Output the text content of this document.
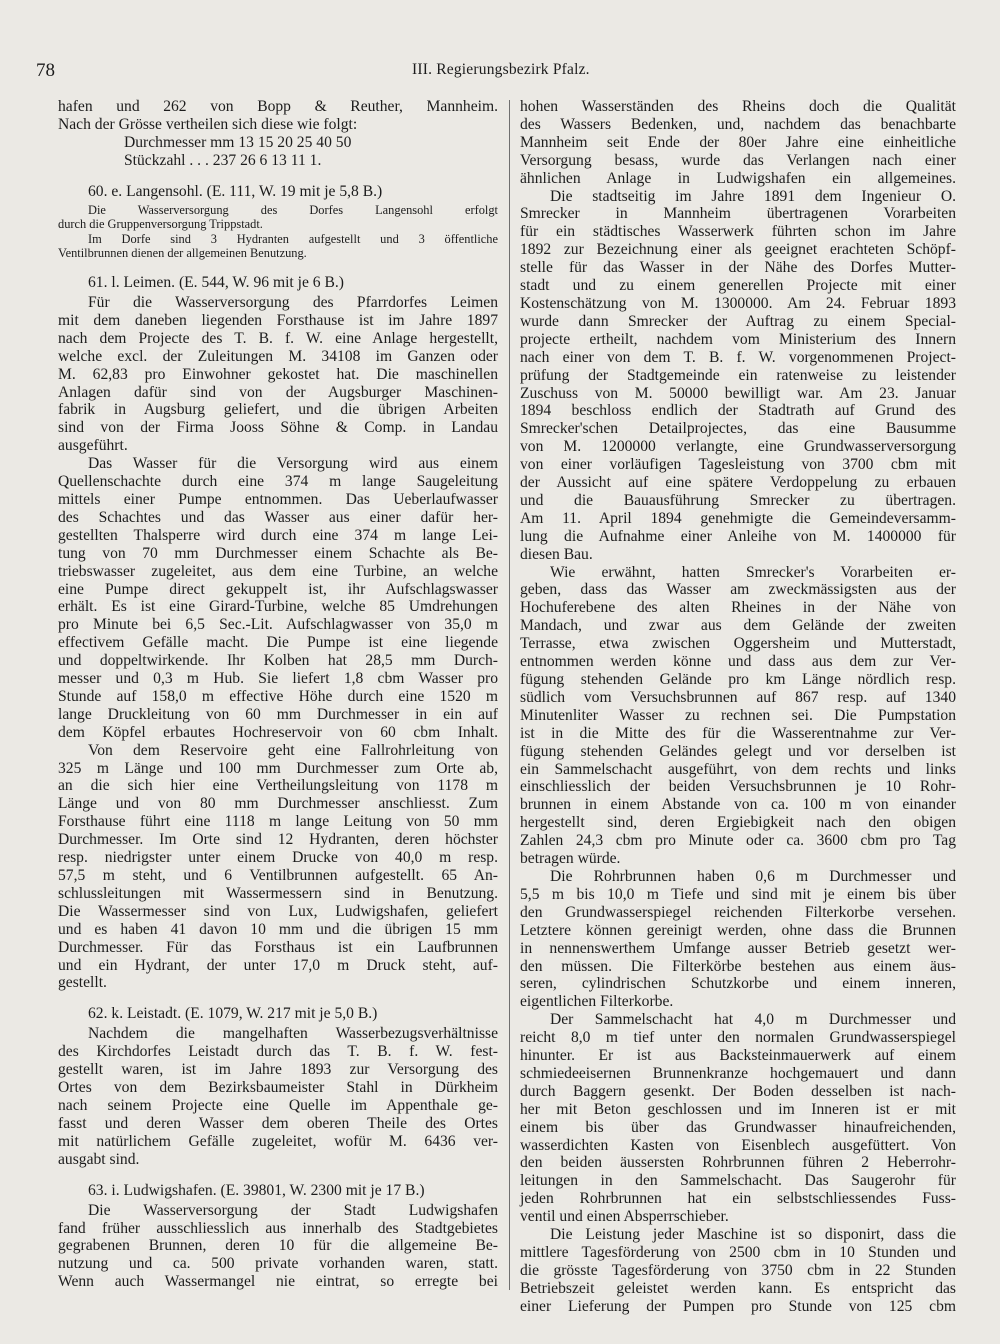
78	III. Regierungsbezirk Pfalz.
hafen und 262 von Bopp & Reuther, Mannheim.
Nach der Grösse vertheilen sich diese wie folgt:
Durchmesser mm 13 15 20 25 40 50
Stückzahl . . . 237 26 6 13 11 1.
60. e. Langensohl. (E. 111, W. 19 mit je 5,8 B.)
Die Wasserversorgung des Dorfes Langensohl erfolgt
durch die Gruppenversorgung Trippstadt.
Im Dorfe sind 3 Hydranten aufgestellt und 3 öffentliche
Ventilbrunnen dienen der allgemeinen Benutzung.
61. l. Leimen. (E. 544, W. 96 mit je 6 B.)
Für die Wasserversorgung des Pfarrdorfes Leimen
mit dem daneben liegenden Forsthause ist im Jahre 1897
nach dem Projecte des T. B. f. W. eine Anlage hergestellt,
welche excl. der Zuleitungen M. 34108 im Ganzen oder
M. 62,83 pro Einwohner gekostet hat. Die maschinellen
Anlagen dafür sind von der Augsburger Maschinen-
fabrik in Augsburg geliefert, und die übrigen Arbeiten
sind von der Firma Jooss Söhne & Comp. in Landau
ausgeführt.
Das Wasser für die Versorgung wird aus einem
Quellenschachte durch eine 374 m lange Saugeleitung
mittels einer Pumpe entnommen. Das Ueberlaufwasser
des Schachtes und das Wasser aus einer dafür her-
gestellten Thalsperre wird durch eine 374 m lange Lei-
tung von 70 mm Durchmesser einem Schachte als Be-
triebswasser zugeleitet, aus dem eine Turbine, an welche
eine Pumpe direct gekuppelt ist, ihr Aufschlagswasser
erhält. Es ist eine Girard-Turbine, welche 85 Umdrehungen
pro Minute bei 6,5 Sec.-Lit. Aufschlagwasser von 35,0 m
effectivem Gefälle macht. Die Pumpe ist eine liegende
und doppeltwirkende. Ihr Kolben hat 28,5 mm Durch-
messer und 0,3 m Hub. Sie liefert 1,8 cbm Wasser pro
Stunde auf 158,0 m effective Höhe durch eine 1520 m
lange Druckleitung von 60 mm Durchmesser in ein auf
dem Köpfel erbautes Hochreservoir von 60 cbm Inhalt.
Von dem Reservoire geht eine Fallrohrleitung von
325 m Länge und 100 mm Durchmesser zum Orte ab,
an die sich hier eine Vertheilungsleitung von 1178 m
Länge und von 80 mm Durchmesser anschliesst. Zum
Forsthause führt eine 1118 m lange Leitung von 50 mm
Durchmesser. Im Orte sind 12 Hydranten, deren höchster
resp. niedrigster unter einem Drucke von 40,0 m resp.
57,5 m steht, und 6 Ventilbrunnen aufgestellt. 65 An-
schlussleitungen mit Wassermessern sind in Benutzung.
Die Wassermesser sind von Lux, Ludwigshafen, geliefert
und es haben 41 davon 10 mm und die übrigen 15 mm
Durchmesser. Für das Forsthaus ist ein Laufbrunnen
und ein Hydrant, der unter 17,0 m Druck steht, auf-
gestellt.
62. k. Leistadt. (E. 1079, W. 217 mit je 5,0 B.)
Nachdem die mangelhaften Wasserbezugsverhältnisse
des Kirchdorfes Leistadt durch das T. B. f. W. fest-
gestellt waren, ist im Jahre 1893 zur Versorgung des
Ortes von dem Bezirksbaumeister Stahl in Dürkheim
nach seinem Projecte eine Quelle im Appenthale ge-
fasst und deren Wasser dem oberen Theile des Ortes
mit natürlichem Gefälle zugeleitet, wofür M. 6436 ver-
ausgabt sind.
63. i. Ludwigshafen. (E. 39801, W. 2300 mit je 17 B.)
Die Wasserversorgung der Stadt Ludwigshafen
fand früher ausschliesslich aus innerhalb des Stadtgebietes
gegrabenen Brunnen, deren 10 für die allgemeine Be-
nutzung und ca. 500 private vorhanden waren, statt.
Wenn auch Wassermangel nie eintrat, so erregte bei
hohen Wasserständen des Rheins doch die Qualität
des Wassers Bedenken, und, nachdem das benachbarte
Mannheim seit Ende der 80er Jahre eine einheitliche
Versorgung besass, wurde das Verlangen nach einer
ähnlichen Anlage in Ludwigshafen ein allgemeines.
Die stadtseitig im Jahre 1891 dem Ingenieur O.
Smrecker in Mannheim übertragenen Vorarbeiten
für ein städtisches Wasserwerk führten schon im Jahre
1892 zur Bezeichnung einer als geeignet erachteten Schöpf-
stelle für das Wasser in der Nähe des Dorfes Mutter-
stadt und zu einem generellen Projecte mit einer
Kostenschätzung von M. 1300000. Am 24. Februar 1893
wurde dann Smrecker der Auftrag zu einem Special-
projecte ertheilt, nachdem vom Ministerium des Innern
nach einer von dem T. B. f. W. vorgenommenen Project-
prüfung der Stadtgemeinde ein ratenweise zu leistender
Zuschuss von M. 50000 bewilligt war. Am 23. Januar
1894 beschloss endlich der Stadtrath auf Grund des
Smrecker'schen Detailprojectes, das eine Bausumme
von M. 1200000 verlangte, eine Grundwasserversorgung
von einer vorläufigen Tagesleistung von 3700 cbm mit
der Aussicht auf eine spätere Verdoppelung zu erbauen
und die Bauausführung Smrecker zu übertragen.
Am 11. April 1894 genehmigte die Gemeindeversamm-
lung die Aufnahme einer Anleihe von M. 1400000 für
diesen Bau.
Wie erwähnt, hatten Smrecker's Vorarbeiten er-
geben, dass das Wasser am zweckmässigsten aus der
Hochuferebene des alten Rheines in der Nähe von
Mandach, und zwar aus dem Gelände der zweiten
Terrasse, etwa zwischen Oggersheim und Mutterstadt,
entnommen werden könne und dass aus dem zur Ver-
fügung stehenden Gelände pro km Länge nördlich resp.
südlich vom Versuchsbrunnen auf 867 resp. auf 1340
Minutenliter Wasser zu rechnen sei. Die Pumpstation
ist in die Mitte des für die Wasserentnahme zur Ver-
fügung stehenden Geländes gelegt und vor derselben ist
ein Sammelschacht ausgeführt, von dem rechts und links
einschliesslich der beiden Versuchsbrunnen je 10 Rohr-
brunnen in einem Abstande von ca. 100 m von einander
hergestellt sind, deren Ergiebigkeit nach den obigen
Zahlen 24,3 cbm pro Minute oder ca. 3600 cbm pro Tag
betragen würde.
Die Rohrbrunnen haben 0,6 m Durchmesser und
5,5 m bis 10,0 m Tiefe und sind mit je einem bis über
den Grundwasserspiegel reichenden Filterkorbe versehen.
Letztere können gereinigt werden, ohne dass die Brunnen
in nennenswerthem Umfange ausser Betrieb gesetzt wer-
den müssen. Die Filterkörbe bestehen aus einem äus-
seren, cylindrischen Schutzkorbe und einem inneren,
eigentlichen Filterkorbe.
Der Sammelschacht hat 4,0 m Durchmesser und
reicht 8,0 m tief unter den normalen Grundwasserspiegel
hinunter. Er ist aus Backsteinmauerwerk auf einem
schmiedeeisernen Brunnenkranze hochgemauert und dann
durch Baggern gesenkt. Der Boden desselben ist nach-
her mit Beton geschlossen und im Inneren ist er mit
einem bis über das Grundwasser hinaufreichenden,
wasserdichten Kasten von Eisenblech ausgefüttert. Von
den beiden äussersten Rohrbrunnen führen 2 Heberrohr-
leitungen in den Sammelschacht. Das Saugerohr für
jeden Rohrbrunnen hat ein selbstschliessendes Fuss-
ventil und einen Absperrschieber.
Die Leistung jeder Maschine ist so disponirt, dass die
mittlere Tagesförderung von 2500 cbm in 10 Stunden und
die grösste Tagesförderung von 3750 cbm in 22 Stunden
Betriebszeit geleistet werden kann. Es entspricht das
einer Lieferung der Pumpen pro Stunde von 125 cbm
